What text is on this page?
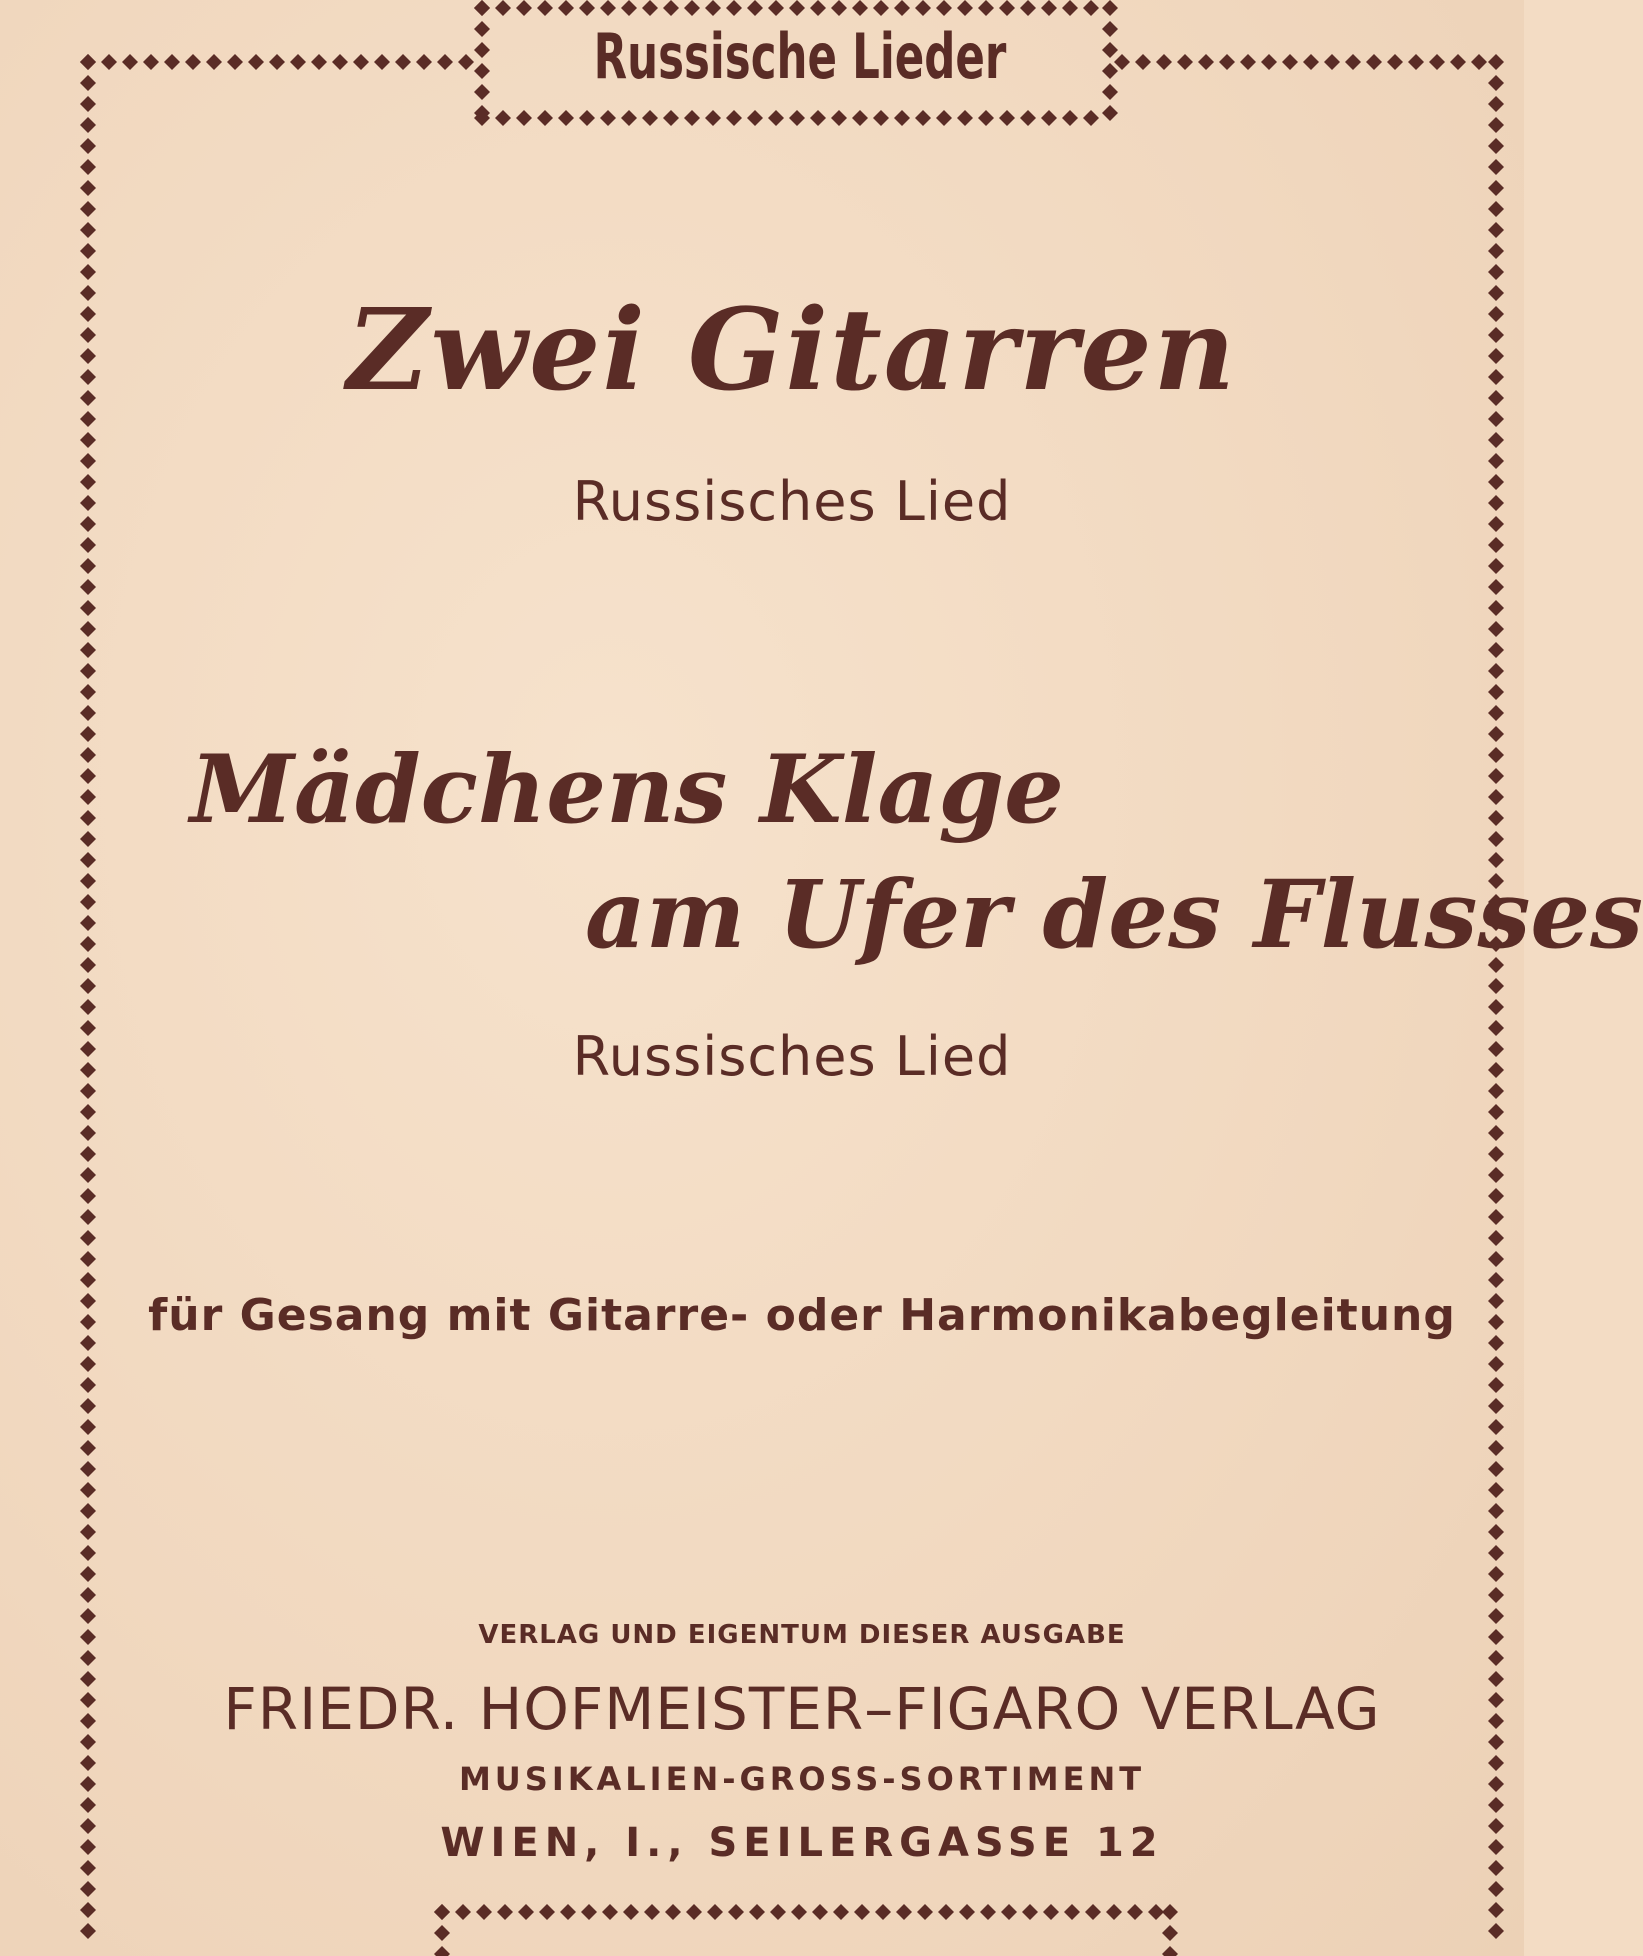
Russische Lieder
Zwei Gitarren
Russisches Lied
Mädchens Klage
am Ufer des Flusses
Russisches Lied
für Gesang mit Gitarre- oder Harmonikabegleitung
VERLAG UND EIGENTUM DIESER AUSGABE
FRIEDR. HOFMEISTER–FIGARO VERLAG
MUSIKALIEN-GROSS-SORTIMENT
WIEN, I., SEILERGASSE 12
